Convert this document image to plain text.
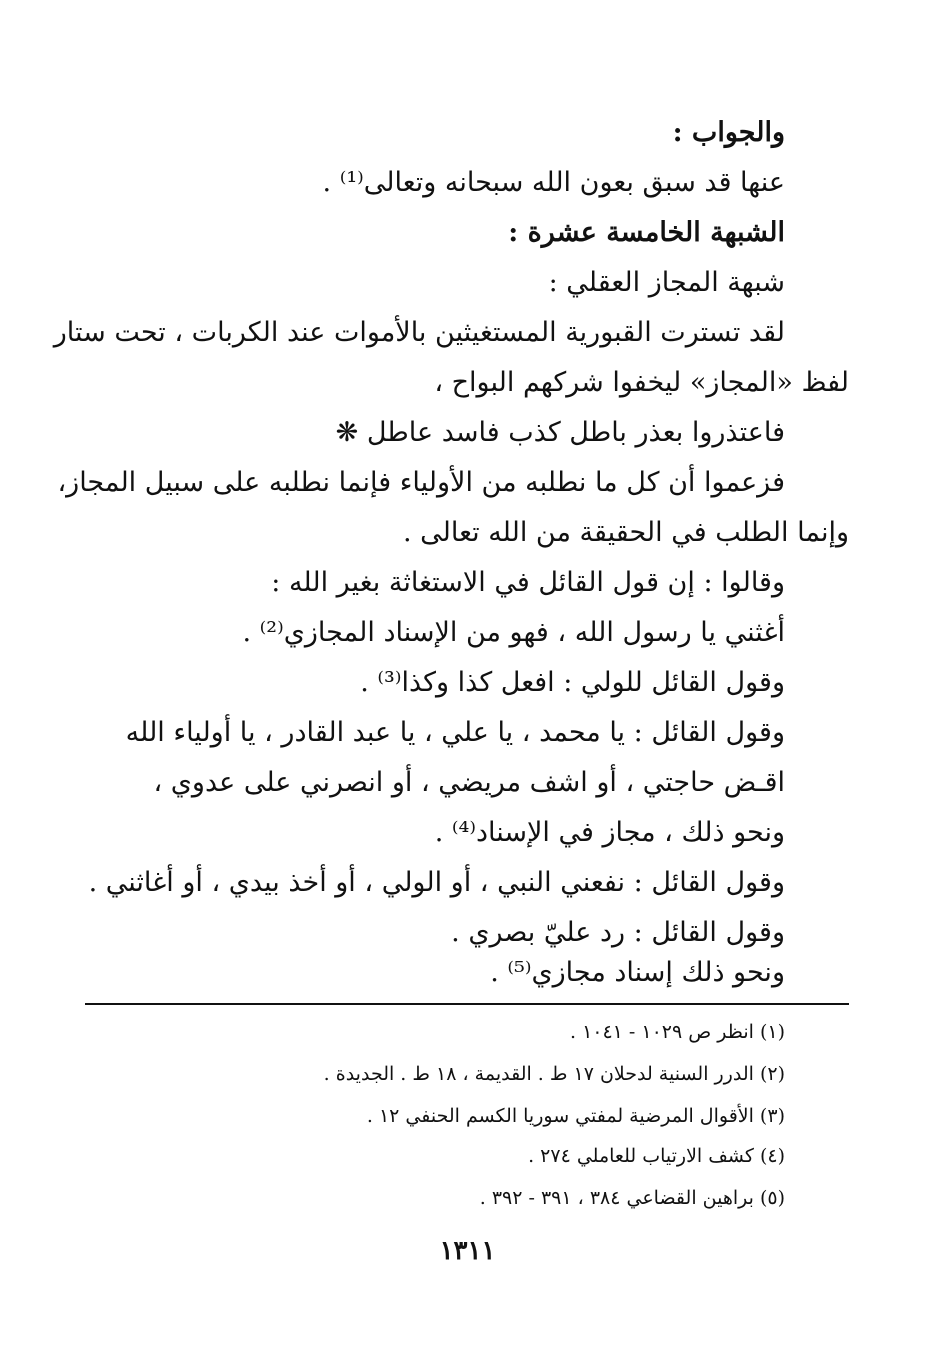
والجواب :
عنها قد سبق بعون الله سبحانه وتعالى⁽¹⁾ .
الشبهة الخامسة عشرة :
شبهة المجاز العقلي :
لقد تسترت القبورية المستغيثين بالأموات عند الكربات ، تحت ستار
لفظ «المجاز» ليخفوا شركهم البواح ،
فاعتذروا بعذر باطل كذب فاسد عاطل ❋
فزعموا أن كل ما نطلبه من الأولياء فإنما نطلبه على سبيل المجاز،
وإنما الطلب في الحقيقة من الله تعالى .
وقالوا : إن قول القائل في الاستغاثة بغير الله :
أغثني يا رسول الله ، فهو من الإسناد المجازي⁽²⁾ .
وقول القائل للولي : افعل كذا وكذا⁽³⁾ .
وقول القائل : يا محمد ، يا علي ، يا عبد القادر ، يا أولياء الله
اقـض حاجتي ، أو اشف مريضي ، أو انصرني على عدوي ،
ونحو ذلك ، مجاز في الإسناد⁽⁴⁾ .
وقول القائل : نفعني النبي ، أو الولي ، أو أخذ بيدي ، أو أغاثني .
وقول القائل : رد عليّ بصري .
ونحو ذلك إسناد مجازي⁽⁵⁾ .
(١) انظر ص ١٠٢٩ - ١٠٤١ .
(٢) الدرر السنية لدحلان ١٧ ط . القديمة ، ١٨ ط . الجديدة .
(٣) الأقوال المرضية لمفتي سوريا الكسم الحنفي ١٢ .
(٤) كشف الارتياب للعاملي ٢٧٤ .
(٥) براهين القضاعي ٣٨٤ ، ٣٩١ - ٣٩٢ .
١٣١١
